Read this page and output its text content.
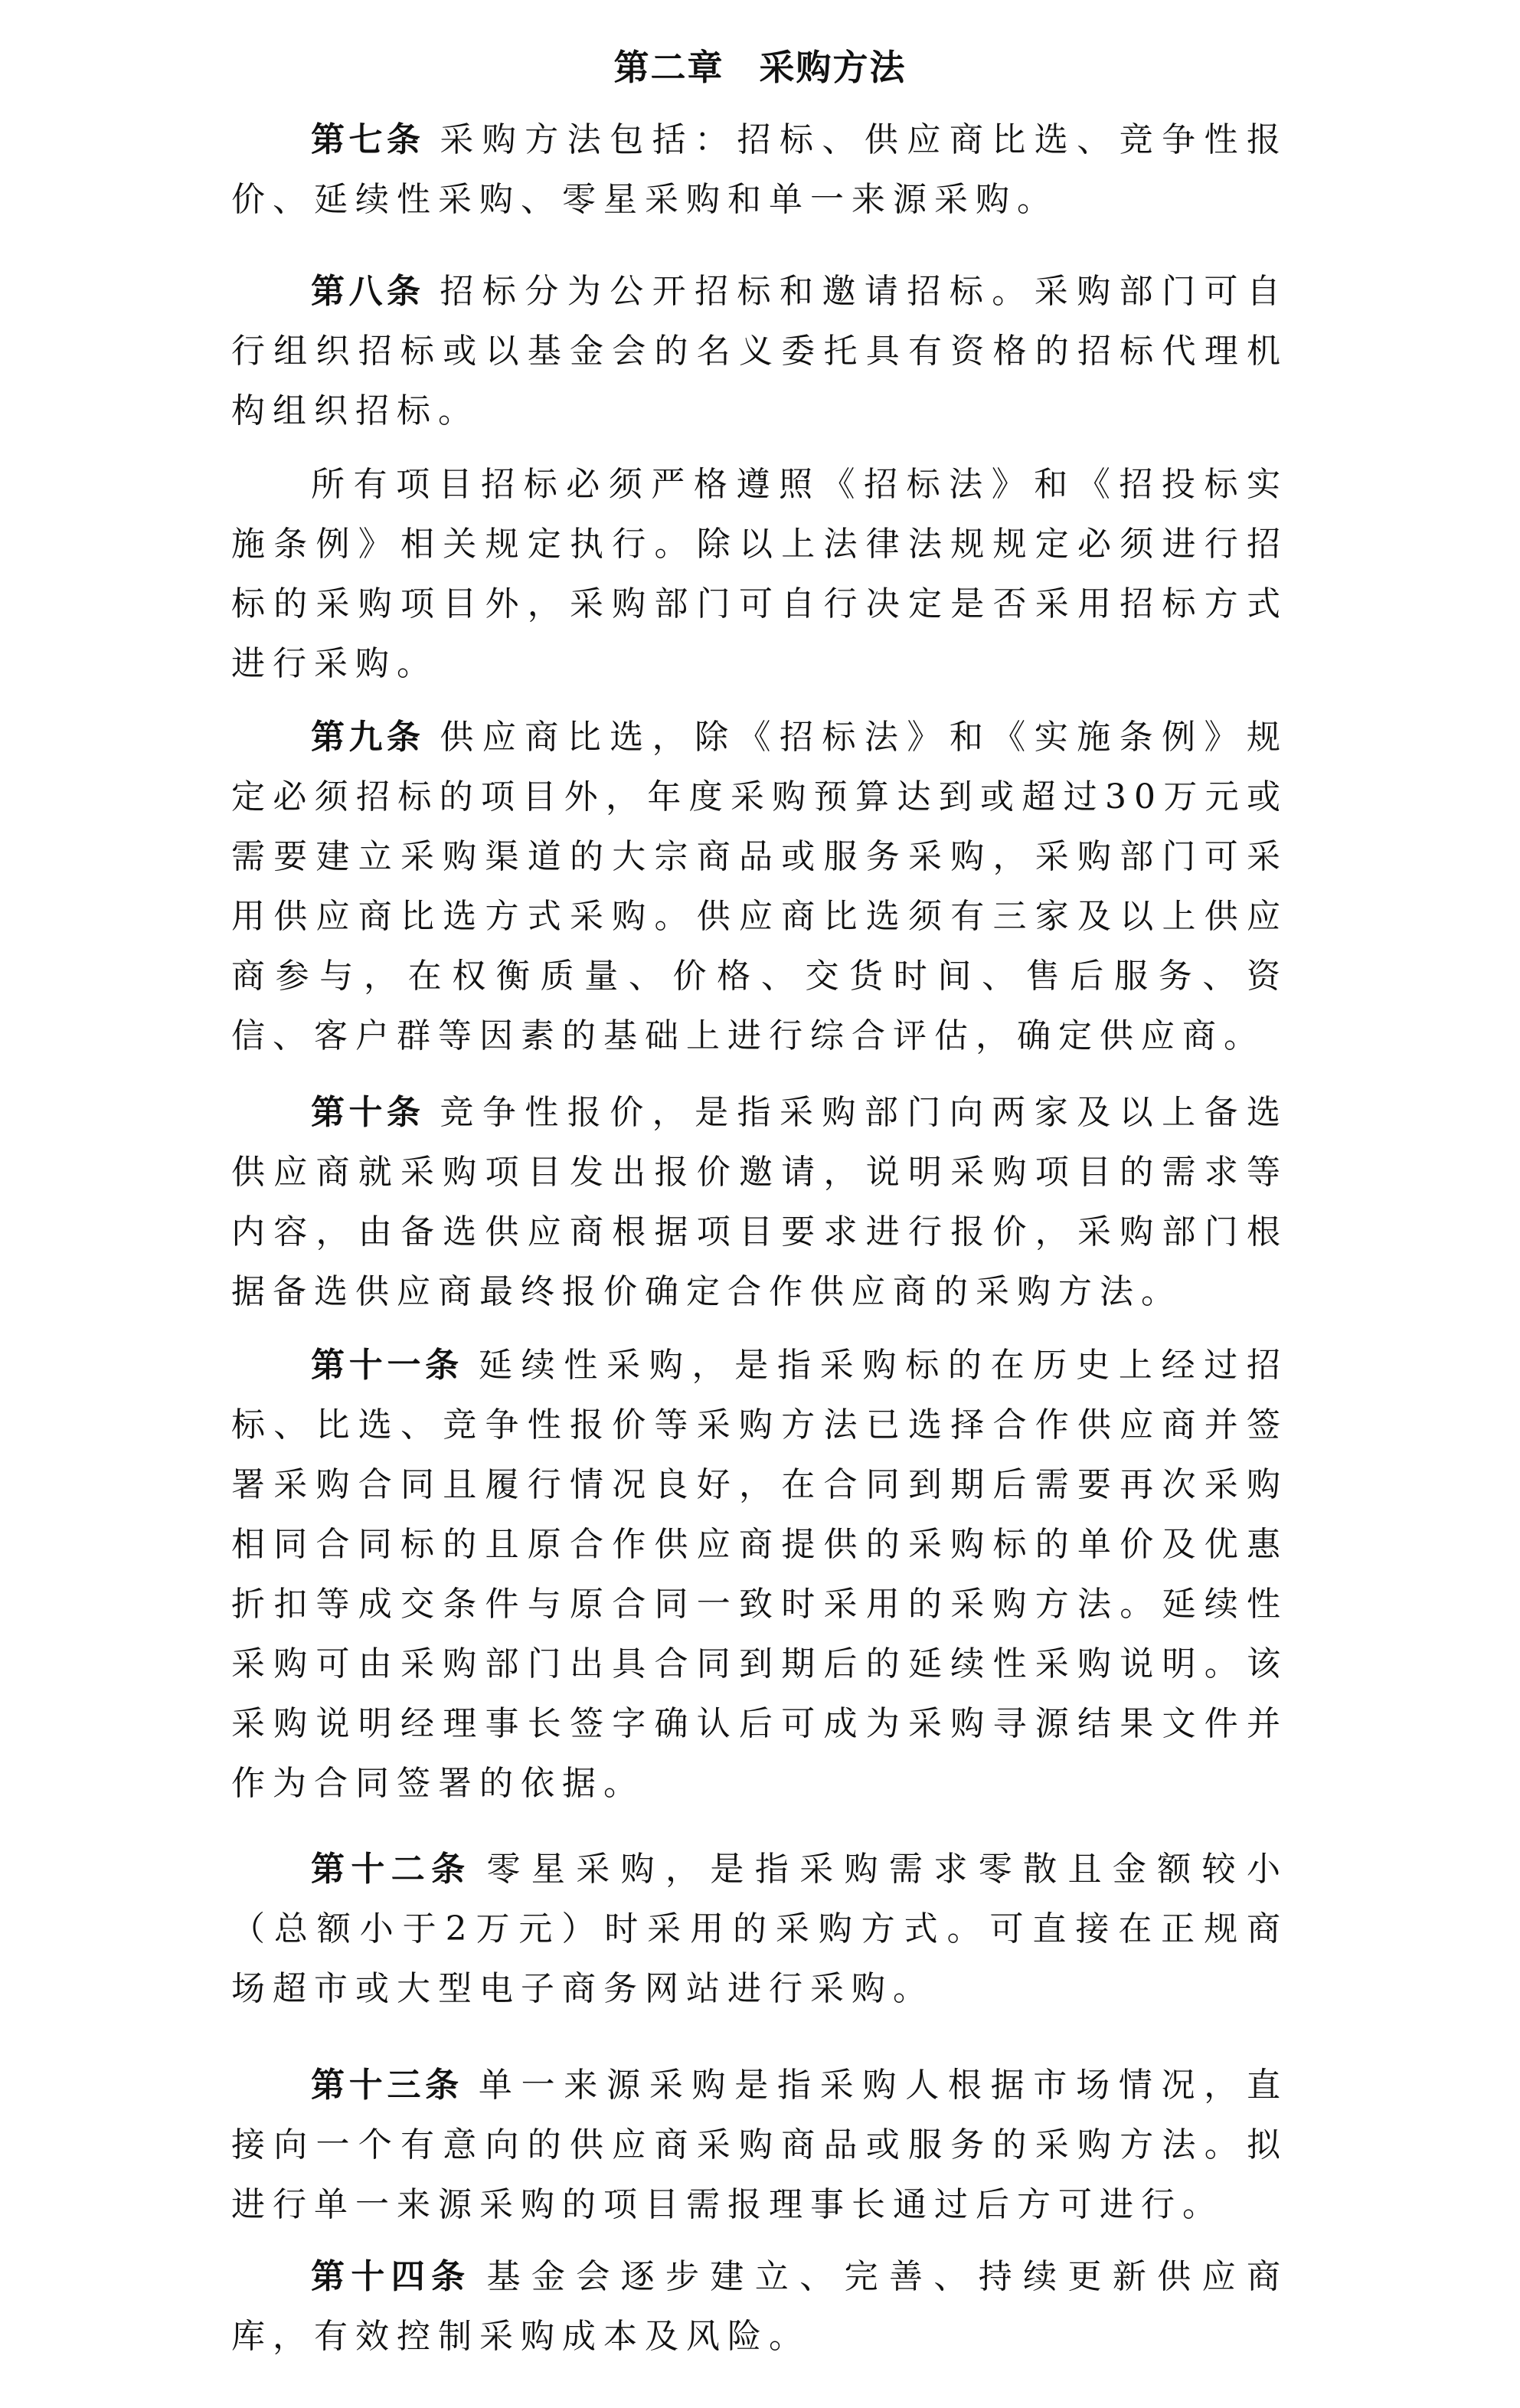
第二章 采购方法

第七条 采购方法包括：招标、供应商比选、竞争性报价、延续性采购、零星采购和单一来源采购。

第八条 招标分为公开招标和邀请招标。采购部门可自行组织招标或以基金会的名义委托具有资格的招标代理机构组织招标。

所有项目招标必须严格遵照《招标法》和《招投标实施条例》相关规定执行。除以上法律法规规定必须进行招标的采购项目外，采购部门可自行决定是否采用招标方式进行采购。

第九条 供应商比选，除《招标法》和《实施条例》规定必须招标的项目外，年度采购预算达到或超过30万元或需要建立采购渠道的大宗商品或服务采购，采购部门可采用供应商比选方式采购。供应商比选须有三家及以上供应商参与，在权衡质量、价格、交货时间、售后服务、资信、客户群等因素的基础上进行综合评估，确定供应商。

第十条 竞争性报价，是指采购部门向两家及以上备选供应商就采购项目发出报价邀请，说明采购项目的需求等内容，由备选供应商根据项目要求进行报价，采购部门根据备选供应商最终报价确定合作供应商的采购方法。

第十一条 延续性采购，是指采购标的在历史上经过招标、比选、竞争性报价等采购方法已选择合作供应商并签署采购合同且履行情况良好，在合同到期后需要再次采购相同合同标的且原合作供应商提供的采购标的单价及优惠折扣等成交条件与原合同一致时采用的采购方法。延续性采购可由采购部门出具合同到期后的延续性采购说明。该采购说明经理事长签字确认后可成为采购寻源结果文件并作为合同签署的依据。

第十二条 零星采购，是指采购需求零散且金额较小（总额小于2万元）时采用的采购方式。可直接在正规商场超市或大型电子商务网站进行采购。

第十三条 单一来源采购是指采购人根据市场情况，直接向一个有意向的供应商采购商品或服务的采购方法。拟进行单一来源采购的项目需报理事长通过后方可进行。

第十四条 基金会逐步建立、完善、持续更新供应商库，有效控制采购成本及风险。
